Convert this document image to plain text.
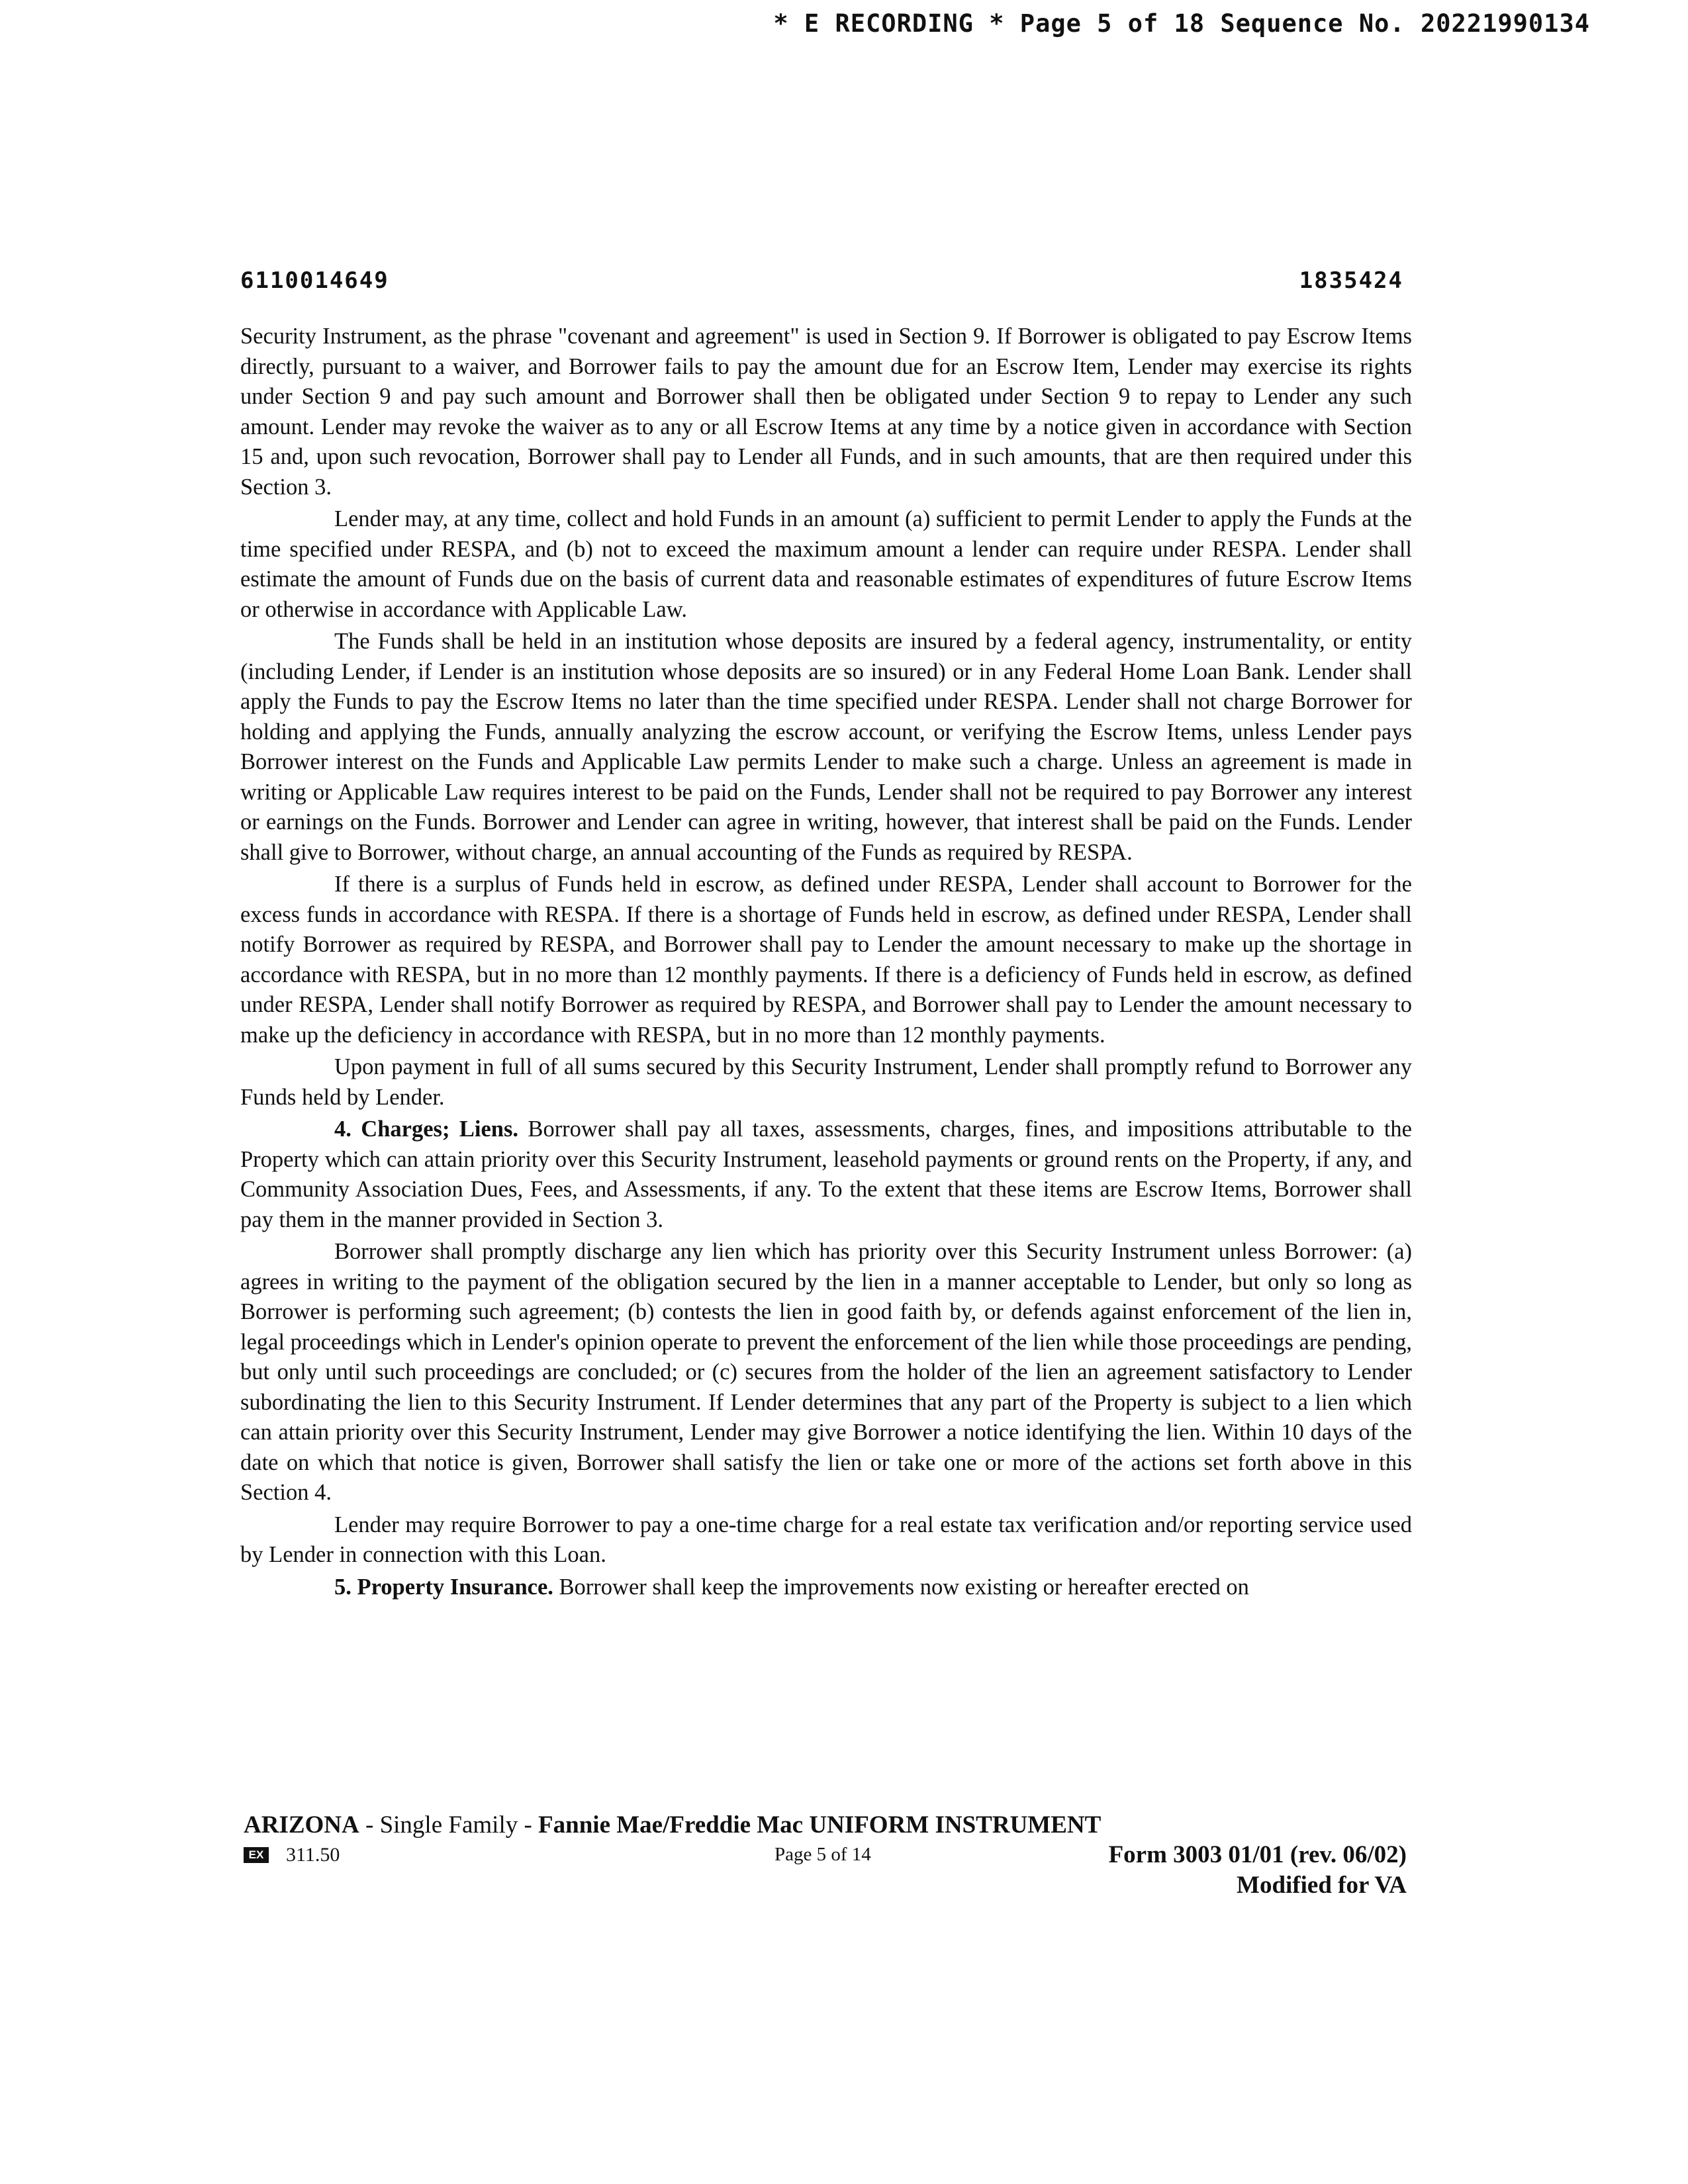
* E RECORDING * Page 5 of 18 Sequence No. 20221990134
6110014649	1835424

Security Instrument, as the phrase "covenant and agreement" is used in Section 9. If Borrower is obligated to pay Escrow Items directly, pursuant to a waiver, and Borrower fails to pay the amount due for an Escrow Item, Lender may exercise its rights under Section 9 and pay such amount and Borrower shall then be obligated under Section 9 to repay to Lender any such amount. Lender may revoke the waiver as to any or all Escrow Items at any time by a notice given in accordance with Section 15 and, upon such revocation, Borrower shall pay to Lender all Funds, and in such amounts, that are then required under this Section 3.

Lender may, at any time, collect and hold Funds in an amount (a) sufficient to permit Lender to apply the Funds at the time specified under RESPA, and (b) not to exceed the maximum amount a lender can require under RESPA. Lender shall estimate the amount of Funds due on the basis of current data and reasonable estimates of expenditures of future Escrow Items or otherwise in accordance with Applicable Law.

The Funds shall be held in an institution whose deposits are insured by a federal agency, instrumentality, or entity (including Lender, if Lender is an institution whose deposits are so insured) or in any Federal Home Loan Bank. Lender shall apply the Funds to pay the Escrow Items no later than the time specified under RESPA. Lender shall not charge Borrower for holding and applying the Funds, annually analyzing the escrow account, or verifying the Escrow Items, unless Lender pays Borrower interest on the Funds and Applicable Law permits Lender to make such a charge. Unless an agreement is made in writing or Applicable Law requires interest to be paid on the Funds, Lender shall not be required to pay Borrower any interest or earnings on the Funds. Borrower and Lender can agree in writing, however, that interest shall be paid on the Funds. Lender shall give to Borrower, without charge, an annual accounting of the Funds as required by RESPA.

If there is a surplus of Funds held in escrow, as defined under RESPA, Lender shall account to Borrower for the excess funds in accordance with RESPA. If there is a shortage of Funds held in escrow, as defined under RESPA, Lender shall notify Borrower as required by RESPA, and Borrower shall pay to Lender the amount necessary to make up the shortage in accordance with RESPA, but in no more than 12 monthly payments. If there is a deficiency of Funds held in escrow, as defined under RESPA, Lender shall notify Borrower as required by RESPA, and Borrower shall pay to Lender the amount necessary to make up the deficiency in accordance with RESPA, but in no more than 12 monthly payments.

Upon payment in full of all sums secured by this Security Instrument, Lender shall promptly refund to Borrower any Funds held by Lender.

4. Charges; Liens. Borrower shall pay all taxes, assessments, charges, fines, and impositions attributable to the Property which can attain priority over this Security Instrument, leasehold payments or ground rents on the Property, if any, and Community Association Dues, Fees, and Assessments, if any. To the extent that these items are Escrow Items, Borrower shall pay them in the manner provided in Section 3.

Borrower shall promptly discharge any lien which has priority over this Security Instrument unless Borrower: (a) agrees in writing to the payment of the obligation secured by the lien in a manner acceptable to Lender, but only so long as Borrower is performing such agreement; (b) contests the lien in good faith by, or defends against enforcement of the lien in, legal proceedings which in Lender's opinion operate to prevent the enforcement of the lien while those proceedings are pending, but only until such proceedings are concluded; or (c) secures from the holder of the lien an agreement satisfactory to Lender subordinating the lien to this Security Instrument. If Lender determines that any part of the Property is subject to a lien which can attain priority over this Security Instrument, Lender may give Borrower a notice identifying the lien. Within 10 days of the date on which that notice is given, Borrower shall satisfy the lien or take one or more of the actions set forth above in this Section 4.

Lender may require Borrower to pay a one-time charge for a real estate tax verification and/or reporting service used by Lender in connection with this Loan.

5. Property Insurance. Borrower shall keep the improvements now existing or hereafter erected on

ARIZONA - Single Family - Fannie Mae/Freddie Mac UNIFORM INSTRUMENT
EX 311.50	Page 5 of 14	Form 3003 01/01 (rev. 06/02)
Modified for VA
